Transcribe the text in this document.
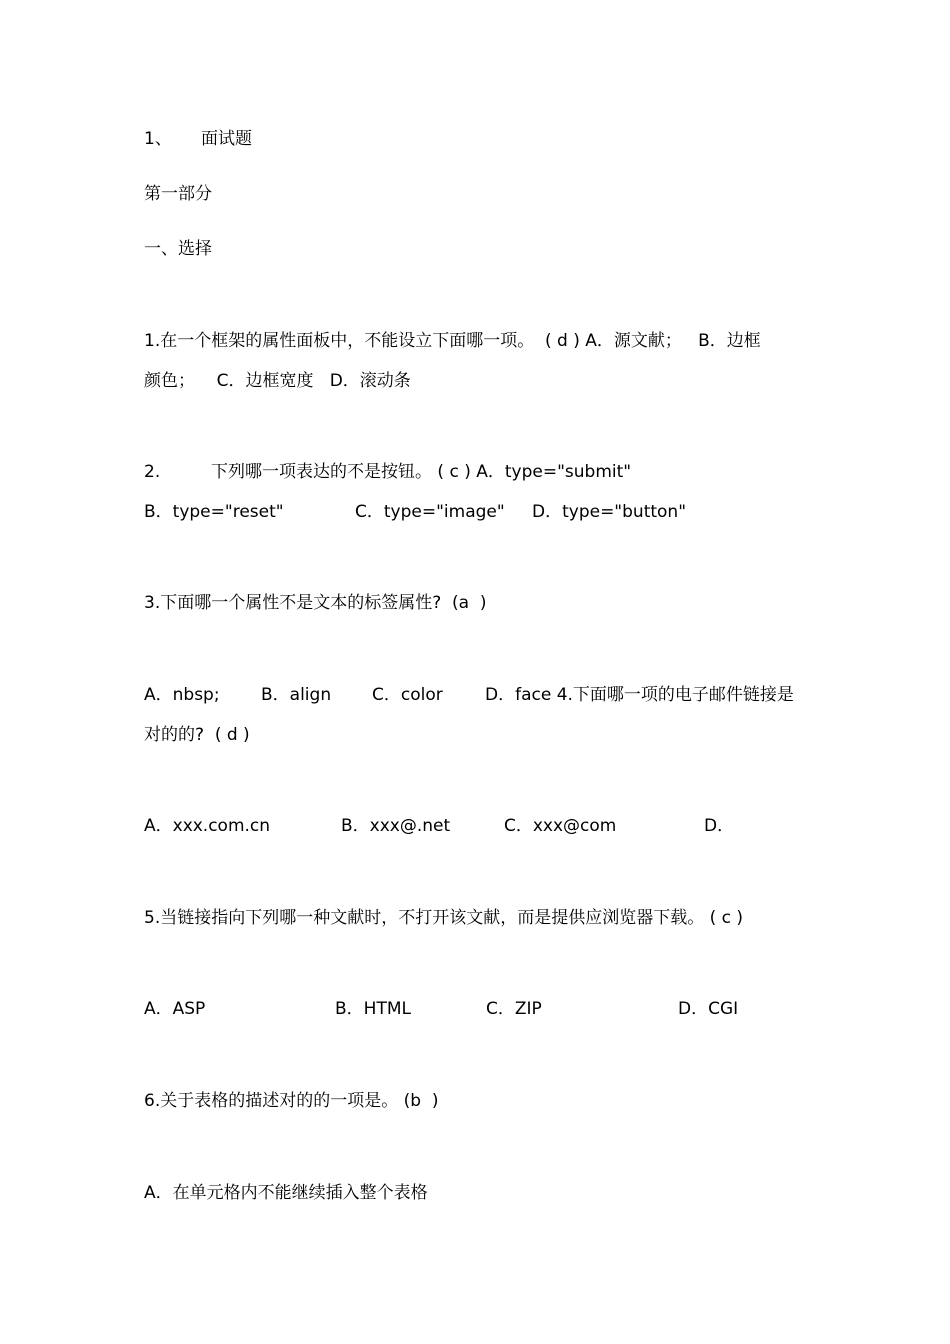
1、 面试题
第一部分
一、选择
1.在一个框架的属性面板中，不能设立下面哪一项。  ( d ) A．源文献；   B．边框
颜色；    C．边框宽度   D．滚动条
2.	下列哪一项表达的不是按钮。 ( c ) A．type="submit"
B．type="reset"	C．type="image" D．type="button"
3.下面哪一个属性不是文本的标签属性?  (a  )
A．nbsp; B．align C．color D．face 4.下面哪一项的电子邮件链接是
对的的?  ( d )
A．xxx.com.cn	B．xxx@.net	C．xxx@com	D．
5.当链接指向下列哪一种文献时，不打开该文献，而是提供应浏览器下载。 ( c )
A．ASP	B．HTML	C．ZIP	D．CGI
6.关于表格的描述对的的一项是。 (b  )
A．在单元格内不能继续插入整个表格
